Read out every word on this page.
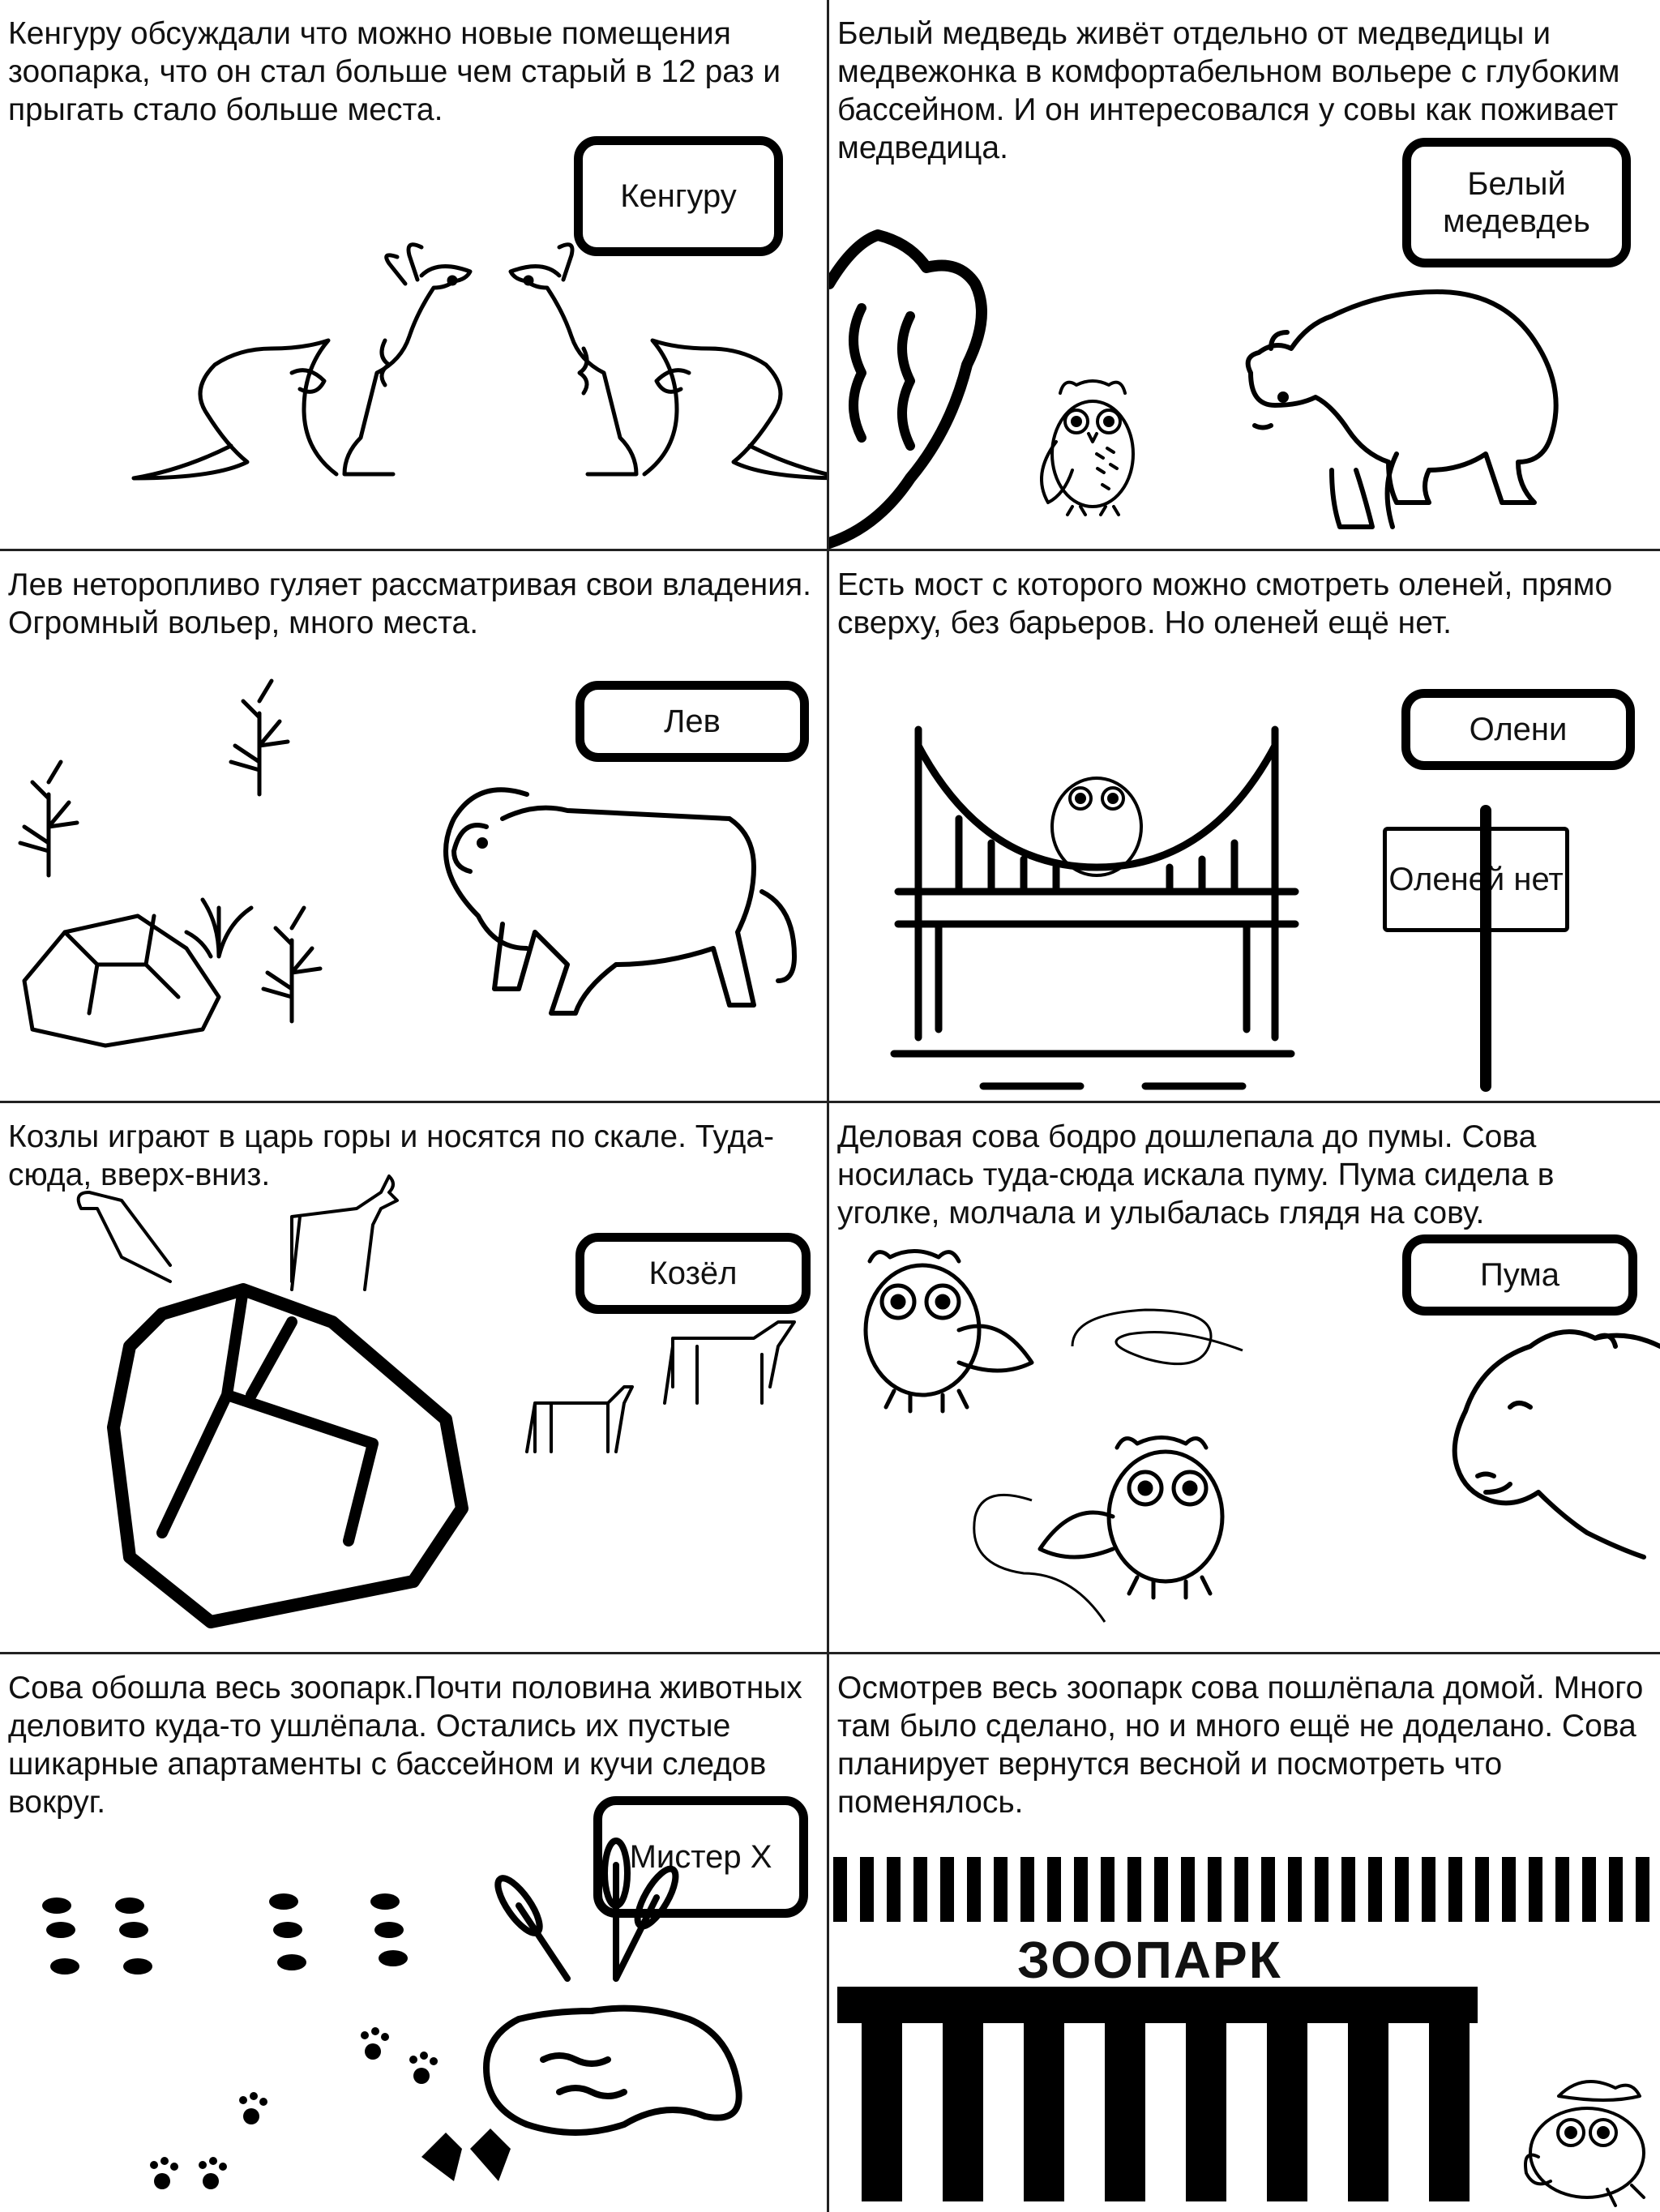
Кенгуру обсуждали что можно новые помещения зоопарка, что он стал больше чем старый в 12 раз и прыгать стало больше места.
Кенгуру
Белый медведь живёт отдельно от медведицы и медвежонка в комфортабельном вольере с глубоким бассейном. И он интересовался у совы как поживает медведица.
Белый медевдеь
Лев неторопливо гуляет рассматривая свои владения. Огромный вольер, много места.
Лев
Есть мост с которого можно смотреть оленей, прямо сверху, без барьеров. Но оленей ещё нет.
Олени
Оленей нет
Козлы играют в царь горы и носятся по скале. Туда-сюда, вверх-вниз.
Козёл
Деловая сова бодро дошлепала до пумы. Сова носилась туда-сюда искала пуму. Пума сидела в уголке, молчала и улыбалась глядя на сову.
Пума
Сова обошла весь зоопарк.Почти половина животных деловито куда-то ушлёпала. Остались их пустые шикарные апартаменты с бассейном и кучи следов вокруг.
Мистер Х
Осмотрев весь зоопарк сова пошлёпала домой. Много там было сделано, но и много ещё не доделано. Сова планирует вернутся весной и посмотреть что поменялось.
ЗООПАРК
